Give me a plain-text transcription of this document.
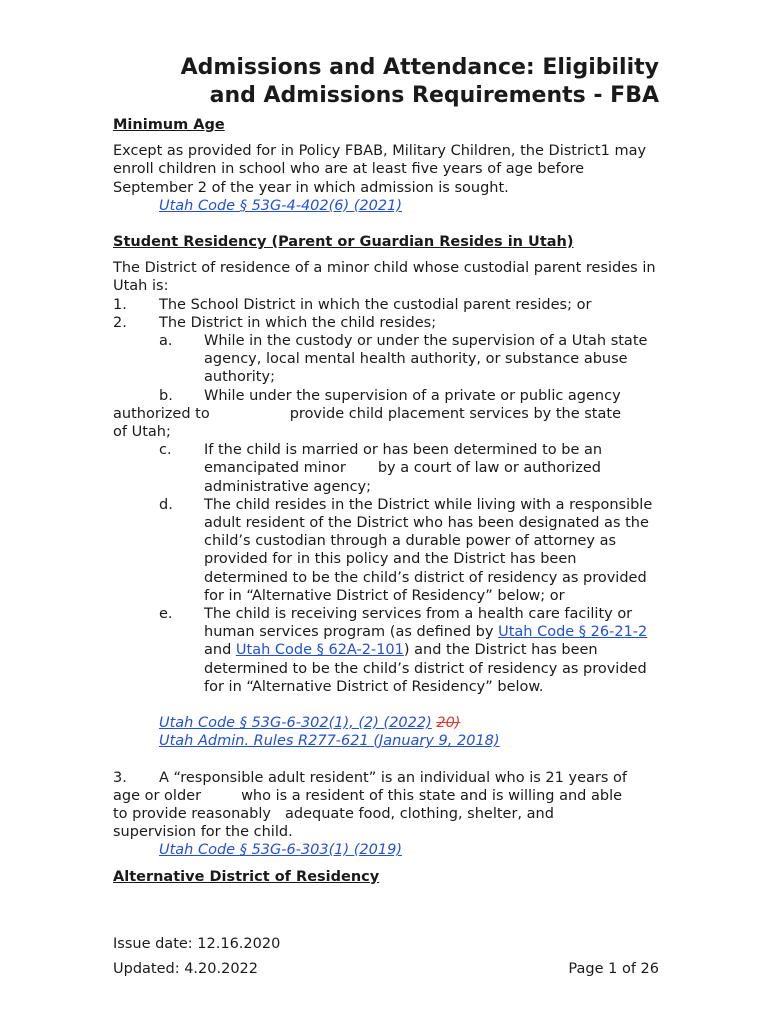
Admissions and Attendance: Eligibility
and Admissions Requirements - FBA
Minimum Age

Except as provided for in Policy FBAB, Military Children, the District1 may enroll children in school who are at least five years of age before September 2 of the year in which admission is sought.

Utah Code § 53G-4-402(6) (2021)
Student Residency (Parent or Guardian Resides in Utah)

The District of residence of a minor child whose custodial parent resides in Utah is:

1.	The School District in which the custodial parent resides; or
2.	The District in which the child resides;
a.	While in the custody or under the supervision of a Utah state agency, local mental health authority, or substance abuse authority;
b.	While under the supervision of a private or public agency
authorized to	provide child placement services by the state
of Utah;
c.	If the child is married or has been determined to be an
emancipated minor by a court of law or authorized
administrative agency;
d.	The child resides in the District while living with a responsible adult resident of the District who has been designated as the child’s custodian through a durable power of attorney as provided for in this policy and the District has been determined to be the child’s district of residency as provided for in “Alternative District of Residency” below; or
e.	The child is receiving services from a health care facility or human services program (as defined by Utah Code § 26-21-2 and Utah Code § 62A-2-101) and the District has been determined to be the child’s district of residency as provided for in “Alternative District of Residency” below.
Utah Code § 53G-6-302(1), (2) (2022) 20)
Utah Admin. Rules R277-621 (January 9, 2018)
3.	A “responsible adult resident” is an individual who is 21 years of
age or older	who is a resident of this state and is willing and able
to provide reasonably adequate food, clothing, shelter, and
supervision for the child.
Utah Code § 53G-6-303(1) (2019)
Alternative District of Residency
Issue date: 12.16.2020
Updated: 4.20.2022	Page 1 of 26
